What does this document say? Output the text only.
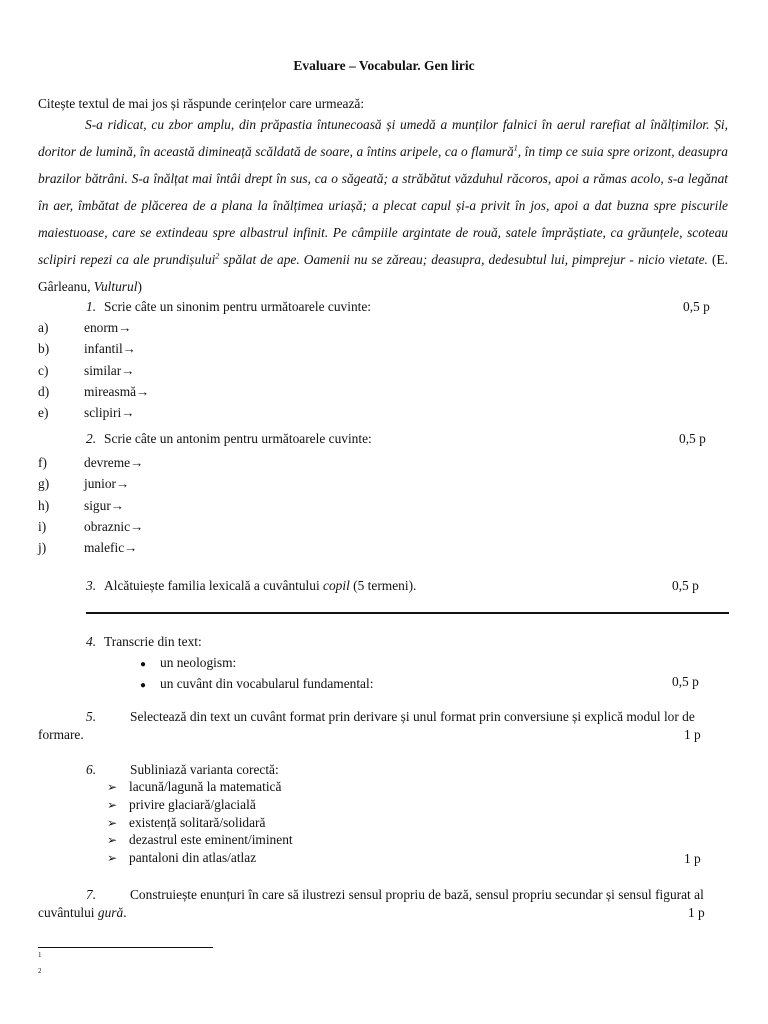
Evaluare – Vocabular. Gen liric
Citește textul de mai jos și răspunde cerințelor care urmează:
S-a ridicat, cu zbor amplu, din prăpastia întunecoasă și umedă a munților falnici în aerul rarefiat al înălțimilor. Și, doritor de lumină, în această dimineață scăldată de soare, a întins aripele, ca o flamură$^1$, în timp ce suia spre orizont, deasupra brazilor bătrâni. S-a înălțat mai întâi drept în sus, ca o săgeată; a străbătut văzduhul răcoros, apoi a rămas acolo, s-a legănat în aer, îmbătat de plăcerea de a plana la înălțimea uriașă; a plecat capul și-a privit în jos, apoi a dat buzna spre piscurile maiestuoase, care se extindeau spre albastrul infinit. Pe câmpiile argintate de rouă, satele împrăștiate, ca grăunțele, scoteau sclipiri repezi ca ale prundișului$^2$ spălat de ape. Oamenii nu se zăreau; deasupra, dedesubtul lui, pimprejur - nicio vietate. (E. Gârleanu, Vulturul)
1. Scrie câte un sinonim pentru următoarele cuvinte:	0,5 p
a)	enorm→
b)	infantil→
c)	similar→
d)	mireasmă→
e)	sclipiri→
2. Scrie câte un antonim pentru următoarele cuvinte:	0,5 p
f)	devreme→
g)	junior→
h)	sigur→
i)	obraznic→
j)	malefic→
3. Alcătuiește familia lexicală a cuvântului copil (5 termeni).	0,5 p
4. Transcrie din text:
● un neologism:
● un cuvânt din vocabularul fundamental:	0,5 p
5.	Selectează din text un cuvânt format prin derivare și unul format prin conversiune și explică modul lor de formare.	1 p
6.	Subliniază varianta corectă:
➢ lacună/lagună la matematică
➢ privire glaciară/glacială
➢ existență solitară/solidară
➢ dezastrul este eminent/iminent
➢ pantaloni din atlas/atlaz	1 p
7.	Construiește enunțuri în care să ilustrezi sensul propriu de bază, sensul propriu secundar și sensul figurat al cuvântului gură.	1 p
1
2
